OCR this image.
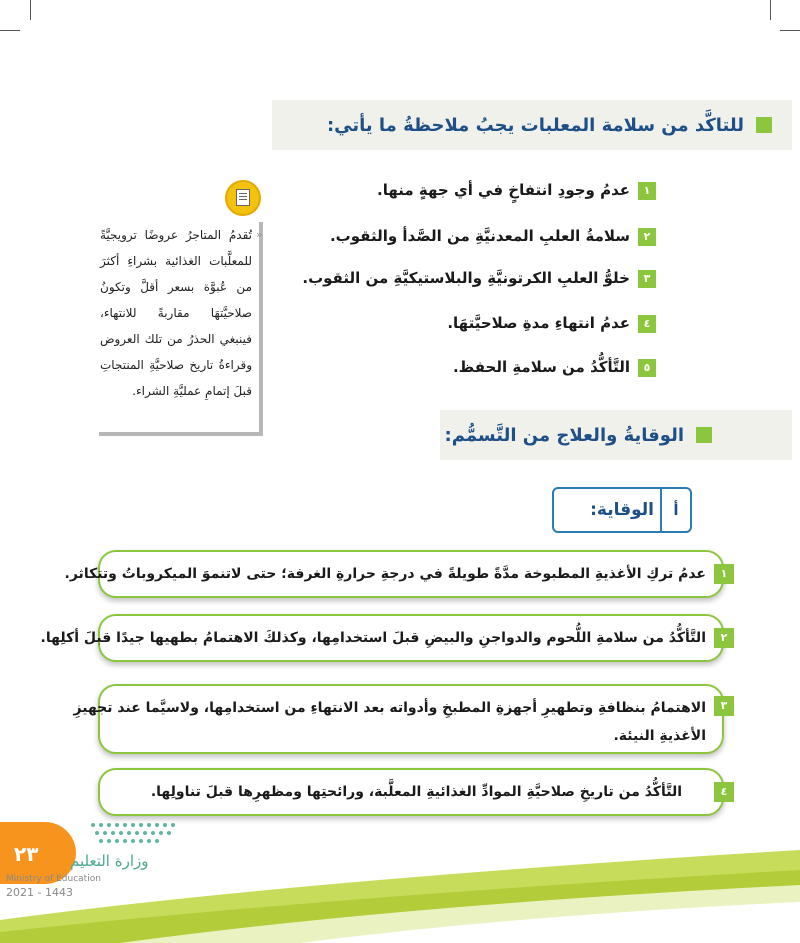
للتاكَّد من سلامة المعلبات يجبُ ملاحظةُ ما يأتي:
١عدمُ وجودِ انتفاخٍ في أي جهةٍ منها.
٢سلامةُ العلبِ المعدنيَّةِ من الصَّدأ والثقوب.
٣خلوُّ العلبِ الكرتونيَّةِ والبلاستيكيَّةِ من الثقوب.
٤عدمُ انتهاءِ مدةِ صلاحيَّتهَا.
٥التَّأكُّدُ من سلامةِ الحفظ.
»
تُقدمُ المتاجرُ عروضًا ترويجيَّةً للمعلَّبات الغذائية بشراءِ أكثرَ من عُبوَّة بسعر أقلَّ وتكونُ صلاحيَّتهَا مقاربةً للانتهاء، فينبغي الحذرُ من تلك العروض وقراءةُ تاريخ صلاحيَّةِ المنتجاتِ قبلَ إتمامِ عمليَّةِ الشراء.
الوقايةُ والعلاج من التَّسمُّم:
أ
الوقاية:
١
عدمُ تركِ الأغذيةِ المطبوخة مدَّةً طويلةً في درجةِ حرارةِ الغرفة؛ حتى لاتنموَ الميكروباتُ وتتكاثر.
٢
التَّأكُّدُ من سلامةِ اللُّحوم والدواجنِ والبيضِ قبلَ استخدامِها، وكذلكَ الاهتمامُ بطهيها جيدًا قبلَ أكلِها.
٣
الاهتمامُ بنظافةِ وتطهيرِ أجهزةِ المطبخِ وأدواته بعد الانتهاءِ من استخدامِها، ولاسيَّما عند تجهيزِ
الأغذيةِ النيئة.
٤
التَّأكُّدُ من تاريخِ صلاحيَّةِ الموادِّ الغذائيةِ المعلَّبة، ورائحتِها ومظهرِها قبلَ تناولِها.
٢٣ وزارة التعليم
Ministry of Education
2021 - 1443
